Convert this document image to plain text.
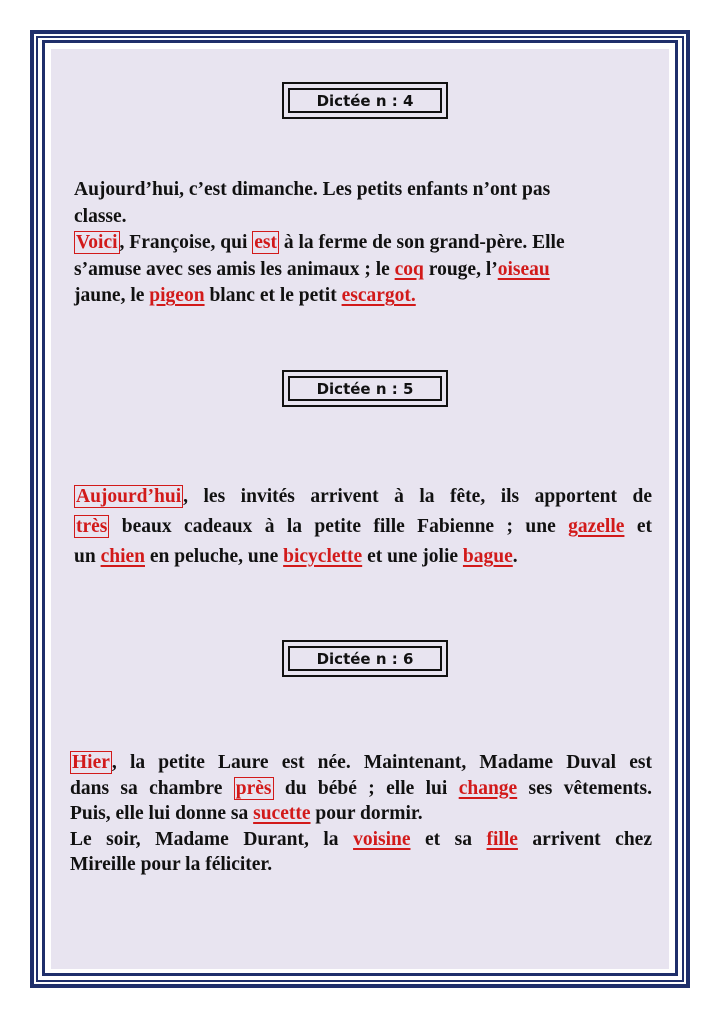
Dictée n : 4
Aujourd’hui, c’est dimanche. Les petits enfants n’ont pas
classe.
Voici , Françoise, qui est à la ferme de son grand-père. Elle
s’amuse avec ses amis les animaux ; le coq rouge, l’oiseau
jaune, le pigeon blanc et le petit escargot.
Dictée n : 5
Aujourd’hui , les invités arrivent à la fête, ils apportent de
très beaux cadeaux à la petite fille Fabienne ; une gazelle et
un chien en peluche, une bicyclette et une jolie bague.
Dictée n : 6
Hier , la petite Laure est née. Maintenant, Madame Duval est
dans sa chambre près du bébé ; elle lui change ses vêtements.
Puis, elle lui donne sa sucette pour dormir.
Le soir, Madame Durant, la voisine et sa fille arrivent chez
Mireille pour la féliciter.
